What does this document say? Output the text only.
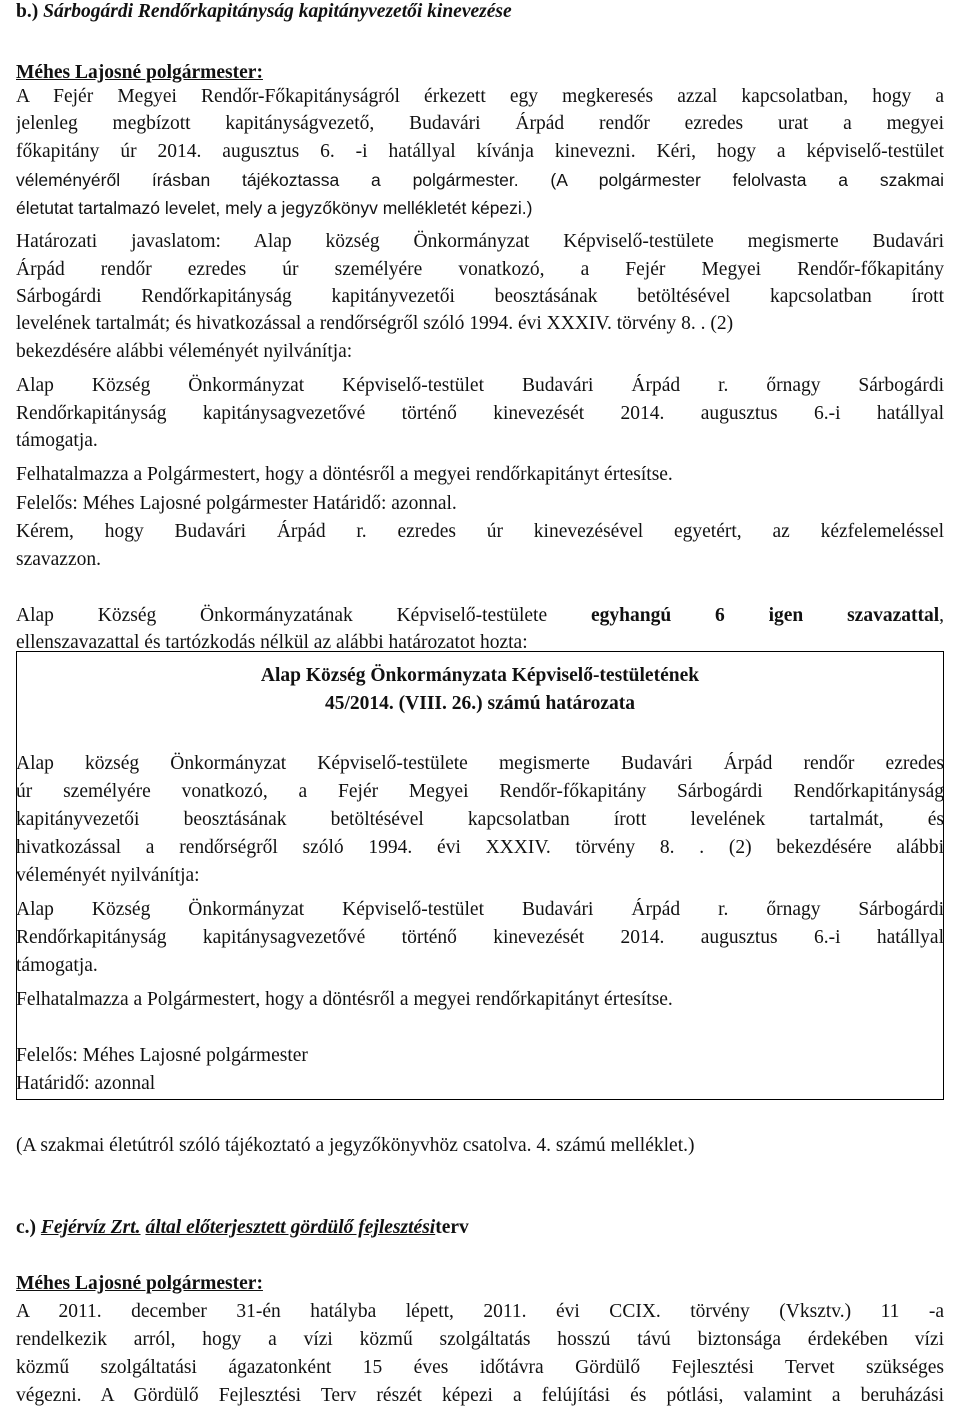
b.) Sárbogárdi Rendőrkapitányság kapitányvezetői kinevezése
Méhes Lajosné polgármester:
A Fejér Megyei Rendőr-Főkapitányságról érkezett egy megkeresés azzal kapcsolatban, hogy a
jelenleg megbízott kapitányságvezető, Budavári Árpád rendőr ezredes urat a megyei
főkapitány úr 2014. augusztus 6. -i hatállyal kívánja kinevezni. Kéri, hogy a képviselő-testület
véleményéről írásban tájékoztassa a polgármester. (A polgármester felolvasta a szakmai
életutat tartalmazó levelet, mely a jegyzőkönyv mellékletét képezi.)
Határozati javaslatom: Alap község Önkormányzat Képviselő-testülete megismerte Budavári
Árpád rendőr ezredes úr személyére vonatkozó, a Fejér Megyei Rendőr-főkapitány
Sárbogárdi Rendőrkapitányság kapitányvezetői beosztásának betöltésével kapcsolatban írott
levelének tartalmát; és hivatkozással a rendőrségről szóló 1994. évi XXXIV. törvény 8. . (2)
bekezdésére alábbi véleményét nyilvánítja:
Alap Község Önkormányzat Képviselő-testület Budavári Árpád r. őrnagy Sárbogárdi
Rendőrkapitányság kapitánysagvezetővé történő kinevezését 2014. augusztus 6.-i hatállyal
támogatja.
Felhatalmazza a Polgármestert, hogy a döntésről a megyei rendőrkapitányt értesítse.
Felelős: Méhes Lajosné polgármester Határidő: azonnal.
Kérem, hogy Budavári Árpád r. ezredes úr kinevezésével egyetért, az kézfelemeléssel
szavazzon.
Alap Község Önkormányzatának Képviselő-testülete egyhangú 6 igen szavazattal,
ellenszavazattal és tartózkodás nélkül az alábbi határozatot hozta:
Alap Község Önkormányzata Képviselő-testületének
45/2014. (VIII. 26.) számú határozata
Alap község Önkormányzat Képviselő-testülete megismerte Budavári Árpád rendőr ezredes
úr személyére vonatkozó, a Fejér Megyei Rendőr-főkapitány Sárbogárdi Rendőrkapitányság
kapitányvezetői beosztásának betöltésével kapcsolatban írott levelének tartalmát, és
hivatkozással a rendőrségről szóló 1994. évi XXXIV. törvény 8. . (2) bekezdésére alábbi
véleményét nyilvánítja:
Alap Község Önkormányzat Képviselő-testület Budavári Árpád r. őrnagy Sárbogárdi
Rendőrkapitányság kapitánysagvezetővé történő kinevezését 2014. augusztus 6.-i hatállyal
támogatja.
Felhatalmazza a Polgármestert, hogy a döntésről a megyei rendőrkapitányt értesítse.
Felelős: Méhes Lajosné polgármester
Határidő: azonnal
(A szakmai életútról szóló tájékoztató a jegyzőkönyvhöz csatolva. 4. számú melléklet.)
c.) Fejérvíz Zrt. által előterjesztett gördülő fejlesztésiterv
Méhes Lajosné polgármester:
A 2011. december 31-én hatályba lépett, 2011. évi CCIX. törvény (Vksztv.) 11 -a
rendelkezik arról, hogy a vízi közmű szolgáltatás hosszú távú biztonsága érdekében vízi
közmű szolgáltatási ágazatonként 15 éves időtávra Gördülő Fejlesztési Tervet szükséges
végezni. A Gördülő Fejlesztési Terv részét képezi a felújítási és pótlási, valamint a beruházási
